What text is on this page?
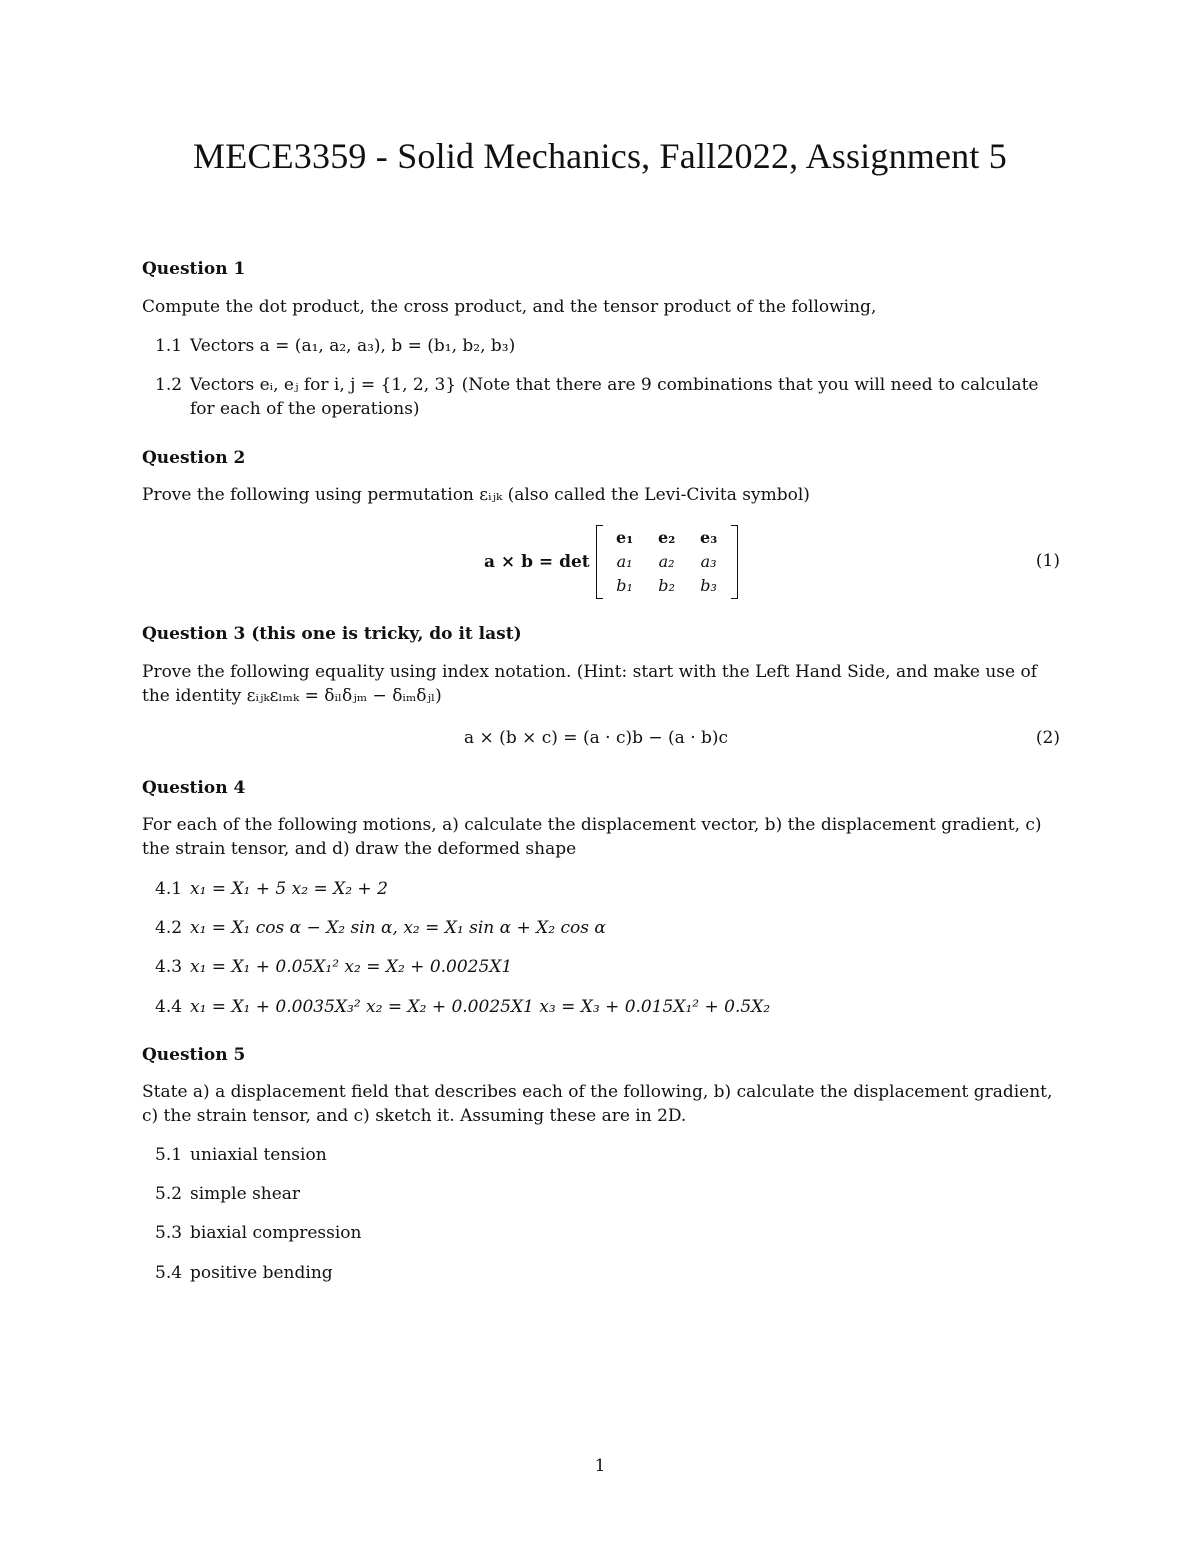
MECE3359 - Solid Mechanics, Fall2022, Assignment 5
Question 1
Compute the dot product, the cross product, and the tensor product of the following,
1.1 Vectors a = (a₁, a₂, a₃), b = (b₁, b₂, b₃)
1.2 Vectors eᵢ, eⱼ for i, j = {1, 2, 3} (Note that there are 9 combinations that you will need to calculate for each of the operations)
Question 2
Prove the following using permutation εᵢⱼₖ (also called the Levi-Civita symbol)
a × b = det
e₁	e₂	e₃
a₁	a₂	a₃
b₁	b₂	b₃
(1)
Question 3 (this one is tricky, do it last)
Prove the following equality using index notation. (Hint: start with the Left Hand Side, and make use of the identity εᵢⱼₖεₗₘₖ = δᵢₗδⱼₘ − δᵢₘδⱼₗ)
a × (b × c) = (a · c)b − (a · b)c	(2)
Question 4
For each of the following motions, a) calculate the displacement vector, b) the displacement gradient, c) the strain tensor, and d) draw the deformed shape
4.1 x₁ = X₁ + 5 x₂ = X₂ + 2
4.2 x₁ = X₁ cos α − X₂ sin α, x₂ = X₁ sin α + X₂ cos α
4.3 x₁ = X₁ + 0.05X₁² x₂ = X₂ + 0.0025X1
4.4 x₁ = X₁ + 0.0035X₃² x₂ = X₂ + 0.0025X1 x₃ = X₃ + 0.015X₁² + 0.5X₂
Question 5
State a) a displacement field that describes each of the following, b) calculate the displacement gradient, c) the strain tensor, and c) sketch it. Assuming these are in 2D.
5.1 uniaxial tension
5.2 simple shear
5.3 biaxial compression
5.4 positive bending
1
